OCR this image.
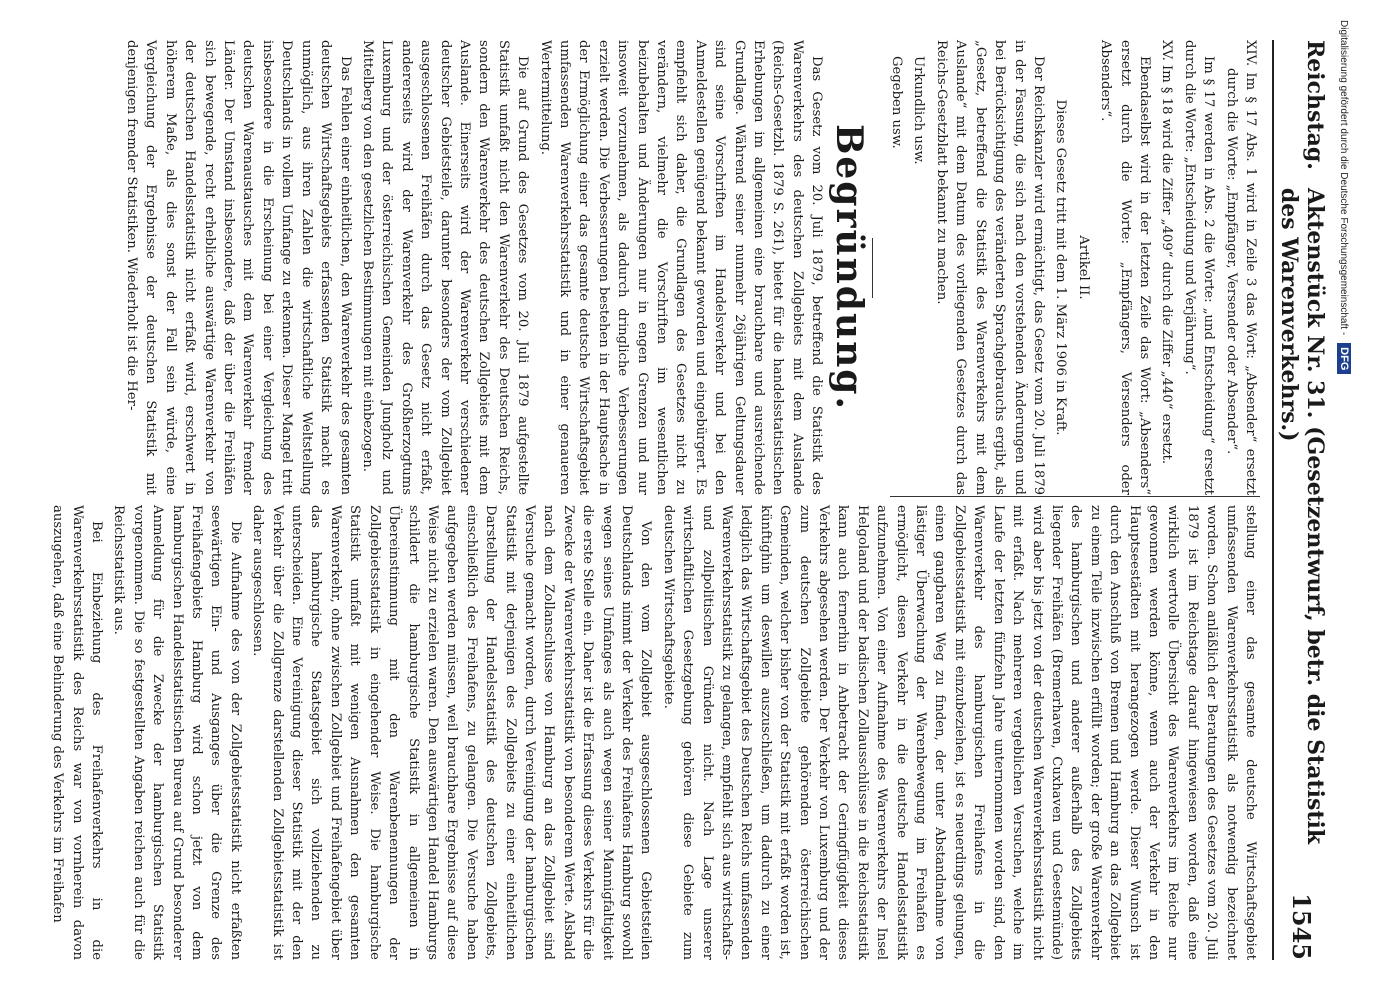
Reichstag.
Aktenstück Nr. 31. (Gesetzentwurf, betr. die Statistik des Warenverkehrs.)
1545

XIV. Im § 17 Abs. 1 wird in Zeile 3 das Wort: „Absender“ ersetzt durch die Worte: „Empfänger, Versender oder Absender“.

Im § 17 werden in Abs. 2 die Worte: „und Entscheidung“ ersetzt durch die Worte: „Entscheidung und Verjährung“.

XV. Im § 18 wird die Ziffer „409“ durch die Ziffer „440“ ersetzt.

Ebendaselbst wird in der letzten Zeile das Wort: „Absenders“ ersetzt durch die Worte: „Empfängers, Versenders oder Absenders“.

Artikel II.

Dieses Gesetz tritt mit dem 1. März 1906 in Kraft.

Der Reichskanzler wird ermächtigt, das Gesetz vom 20. Juli 1879 in der Fassung, die sich nach den vorstehenden Änderungen und bei Berücksichtigung des veränderten Sprachgebrauchs ergibt, als „Gesetz, betreffend die Statistik des Warenverkehrs mit dem Auslande“ mit dem Datum des vorliegenden Gesetzes durch das Reichs-Gesetzblatt bekannt zu machen.

Urkundlich usw.

Gegeben usw.

Begründung.

Das Gesetz vom 20. Juli 1879, betreffend die Statistik des Warenverkehrs des deutschen Zollgebiets mit dem Auslande (Reichs-Gesetzbl. 1879 S. 261), bietet für die handelsstatistischen Erhebungen im allgemeinen eine brauchbare und ausreichende Grundlage. Während seiner nunmehr 26jährigen Geltungsdauer sind seine Vorschriften im Handelsverkehr und bei den Anmeldestellen genügend bekannt geworden und eingebürgert. Es empfiehlt sich daher, die Grundlagen des Gesetzes nicht zu verändern, vielmehr die Vorschriften im wesentlichen beizubehalten und Änderungen nur in engen Grenzen und nur insoweit vorzunehmen, als dadurch dringliche Verbesserungen erzielt werden. Die Verbesserungen bestehen in der Hauptsache in der Ermöglichung einer das gesamte deutsche Wirtschaftsgebiet umfassenden Warenverkehrsstatistik und in einer genaueren Wertermittelung.

Die auf Grund des Gesetzes vom 20. Juli 1879 aufgestellte Statistik umfaßt nicht den Warenverkehr des Deutschen Reichs, sondern den Warenverkehr des deutschen Zollgebiets mit dem Auslande. Einerseits wird der Warenverkehr verschiedener deutscher Gebietsteile, darunter besonders der vom Zollgebiet ausgeschlossenen Freihäfen durch das Gesetz nicht erfaßt, andererseits wird der Warenverkehr des Großherzogtums Luxemburg und der österreichischen Gemeinden Jungholz und Mittelberg von den gesetzlichen Bestimmungen mit einbezogen.

Das Fehlen einer einheitlichen, den Warenverkehr des gesamten deutschen Wirtschaftsgebiets erfassenden Statistik macht es unmöglich, aus ihren Zahlen die wirtschaftliche Weltstellung Deutschlands in vollem Umfange zu erkennen. Dieser Mangel tritt insbesondere in die Erscheinung bei einer Vergleichung des deutschen Warenaustausches mit dem Warenverkehr fremder Länder. Der Umstand insbesondere, daß der über die Freihäfen sich bewegende, recht erhebliche auswärtige Warenverkehr von der deutschen Handelsstatistik nicht erfaßt wird, erschwert in höherem Maße, als dies sonst der Fall sein würde, eine Vergleichung der Ergebnisse der deutschen Statistik mit denjenigen fremder Statistiken. Wiederholt ist die Her-

stellung einer das gesamte deutsche Wirtschaftsgebiet umfassenden Warenverkehrsstatistik als notwendig bezeichnet worden. Schon anläßlich der Beratungen des Gesetzes vom 20. Juli 1879 ist im Reichstage darauf hingewiesen worden, daß eine wirklich wertvolle Übersicht des Warenverkehrs im Reiche nur gewonnen werden könne, wenn auch der Verkehr in den Hauptseestädten mit herangezogen werde. Dieser Wunsch ist durch den Anschluß von Bremen und Hamburg an das Zollgebiet zu einem Teile inzwischen erfüllt worden; der große Warenverkehr des hamburgischen und anderer außerhalb des Zollgebiets liegender Freihäfen (Bremerhaven, Cuxhaven und Geestemünde) wird aber bis jetzt von der deutschen Warenverkehrsstatistik nicht mit erfaßt. Nach mehreren vergeblichen Versuchen, welche im Laufe der letzten fünfzehn Jahre unternommen worden sind, den Warenverkehr des hamburgischen Freihafens in die Zollgebietsstatistik mit einzubeziehen, ist es neuerdings gelungen, einen gangbaren Weg zu finden, der unter Abstandnahme von lästiger Überwachung der Warenbewegung im Freihafen es ermöglicht, diesen Verkehr in die deutsche Handelsstatistik aufzunehmen. Von einer Aufnahme des Warenverkehrs der Insel Helgoland und der badischen Zollausschlüsse in die Reichsstatistik kann auch fernerhin in Anbetracht der Geringfügigkeit dieses Verkehrs abgesehen werden. Der Verkehr von Luxemburg und der zum deutschen Zollgebiete gehörenden österreichischen Gemeinden, welcher bisher von der Statistik mit erfaßt worden ist, künftighin um deswillen auszuschließen, um dadurch zu einer lediglich das Wirtschaftsgebiet des Deutschen Reichs umfassenden Warenverkehrsstatistik zu gelangen, empfiehlt sich aus wirtschafts- und zollpolitischen Gründen nicht. Nach Lage unserer wirtschaftlichen Gesetzgebung gehören diese Gebiete zum deutschen Wirtschaftsgebiete.

Von den vom Zollgebiet ausgeschlossenen Gebietsteilen Deutschlands nimmt der Verkehr des Freihafens Hamburg sowohl wegen seines Umfanges als auch wegen seiner Mannigfaltigkeit die erste Stelle ein. Daher ist die Erfassung dieses Verkehrs für die Zwecke der Warenverkehrsstatistik von besonderem Werte. Alsbald nach dem Zollanschlusse von Hamburg an das Zollgebiet sind Versuche gemacht worden, durch Vereinigung der hamburgischen Statistik mit derjenigen des Zollgebiets zu einer einheitlichen Darstellung der Handelsstatistik des deutschen Zollgebiets, einschließlich des Freihafens, zu gelangen. Die Versuche haben aufgegeben werden müssen, weil brauchbare Ergebnisse auf diese Weise nicht zu erzielen waren. Den auswärtigen Handel Hamburgs schildert die hamburgische Statistik in allgemeinen in Übereinstimmung mit den Warenbenennungen der Zollgebietsstatistik in eingehender Weise. Die hamburgische Statistik umfaßt mit wenigen Ausnahmen den gesamten Warenverkehr, ohne zwischen Zollgebiet und Freihafengebiet über das hamburgische Staatsgebiet sich vollziehenden zu unterscheiden. Eine Vereinigung dieser Statistik mit der den Verkehr über die Zollgrenze darstellenden Zollgebietsstatistik ist daher ausgeschlossen.

Die Aufnahme des von der Zollgebietsstatistik nicht erfaßten seewärtigen Ein- und Ausganges über die Grenze des Freihafengebiets Hamburg wird schon jetzt von dem hamburgischen Handelsstatistischen Bureau auf Grund besonderer Anmeldung für die Zwecke der hamburgischen Statistik vorgenommen. Die so festgestellten Angaben reichen auch für die Reichsstatistik aus.

Bei Einbeziehung des Freihafenverkehrs in die Warenverkehrsstatistik des Reichs war von vornherein davon auszugehen, daß eine Behinderung des Verkehrs im Freihafen

Digitalisierung gefördert durch die Deutsche Forschungsgemeinschaft -
DFG
